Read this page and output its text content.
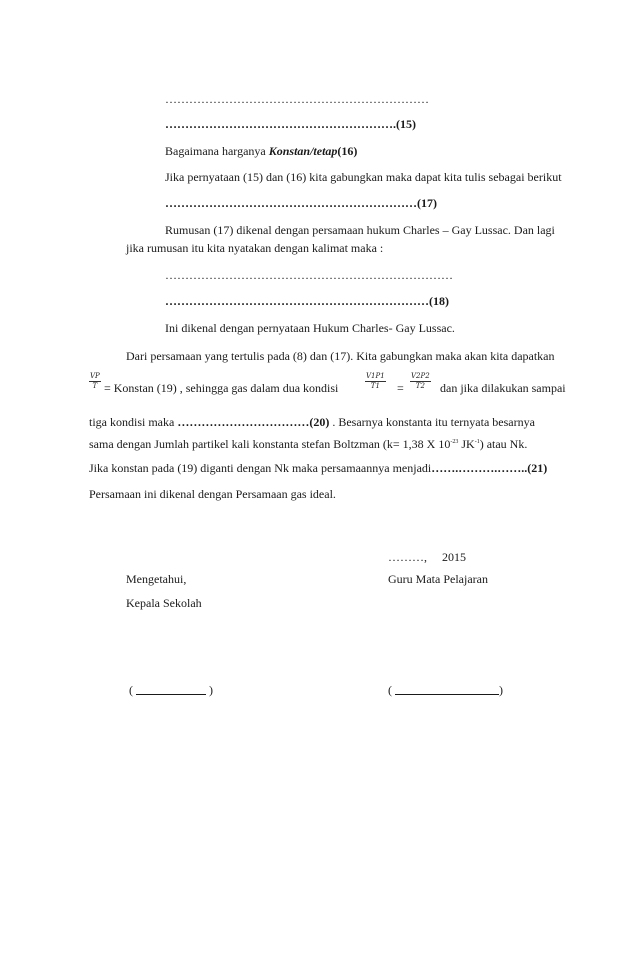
…………………………………………………………
………………………………………………….(15)
Bagaimana harganya Konstan/tetap(16)
Jika pernyataan (15) dan (16) kita gabungkan maka dapat kita tulis sebagai berikut
………………………………………………………(17)
Rumusan (17) dikenal dengan persamaan hukum Charles – Gay Lussac. Dan lagi
jika rumusan itu kita nyatakan dengan kalimat maka :
………………………………………………………………
…………………………………………………………(18)
Ini dikenal dengan pernyataan Hukum Charles- Gay Lussac.
Dari persamaan yang tertulis pada (8) dan (17). Kita gabungkan maka akan kita dapatkan
$\frac{VP}{T}$ = Konstan (19) , sehingga gas dalam dua kondisi	$\frac{V1P1}{T1} = \frac{V2P2}{T2}$ dan jika dilakukan sampai
tiga kondisi maka ……………………………(20) . Besarnya konstanta itu ternyata besarnya
sama dengan Jumlah partikel kali konstanta stefan Boltzman (k= 1,38 X $10^{-23}$ $JK^{-1}$) atau Nk.
Jika konstan pada (19) diganti dengan Nk maka persamaannya menjadi…….……….……..(21)
Persamaan ini dikenal dengan Persamaan gas ideal.
………, 2015
Mengetahui,	Guru Mata Pelajaran
Kepala Sekolah
(	)	(	)
